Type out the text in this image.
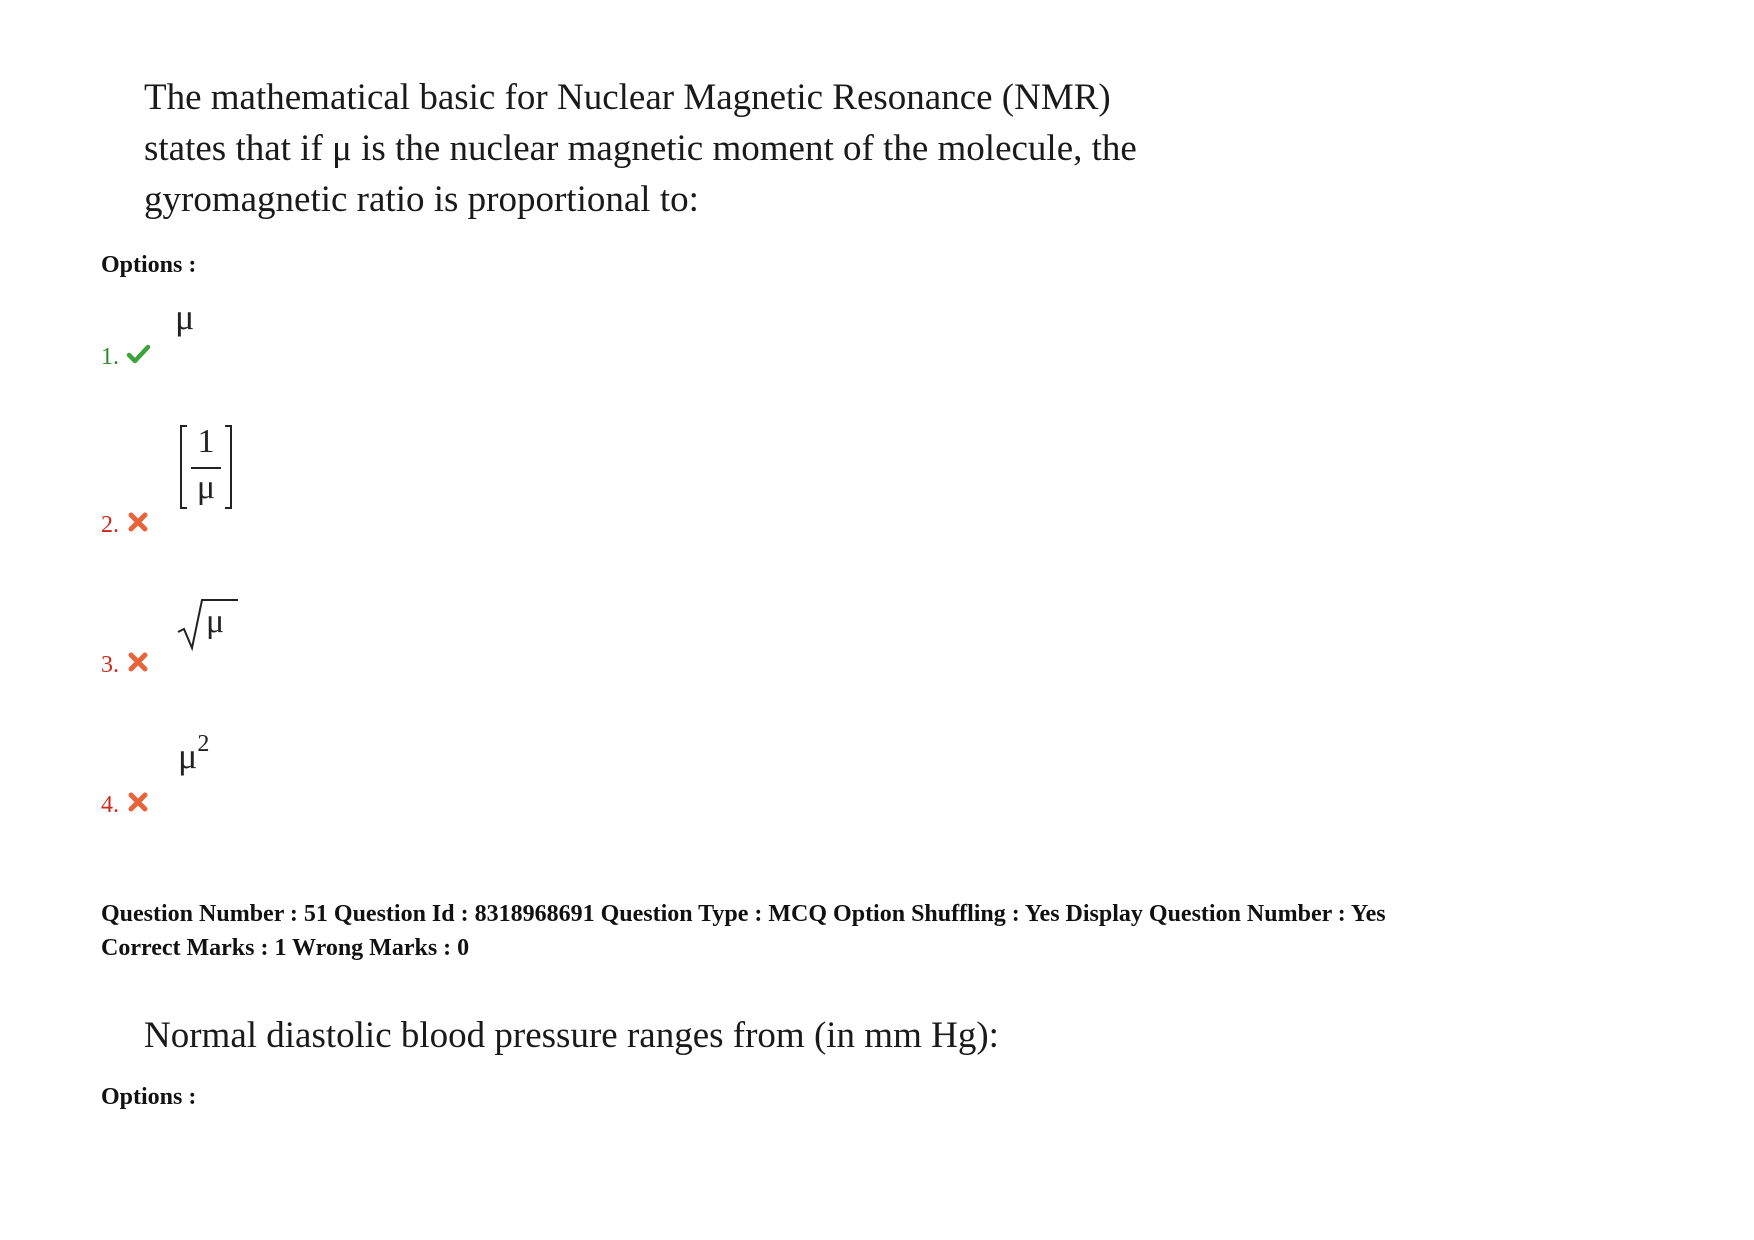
The mathematical basic for Nuclear Magnetic Resonance (NMR)
states that if μ is the nuclear magnetic moment of the molecule, the
gyromagnetic ratio is proportional to:
Options :
μ
1.
1
μ
2.
μ
3.
$\mu^2$
4.
Question Number : 51 Question Id : 8318968691 Question Type : MCQ Option Shuffling : Yes Display Question Number : Yes
Correct Marks : 1 Wrong Marks : 0
Normal diastolic blood pressure ranges from (in mm Hg):
Options :
